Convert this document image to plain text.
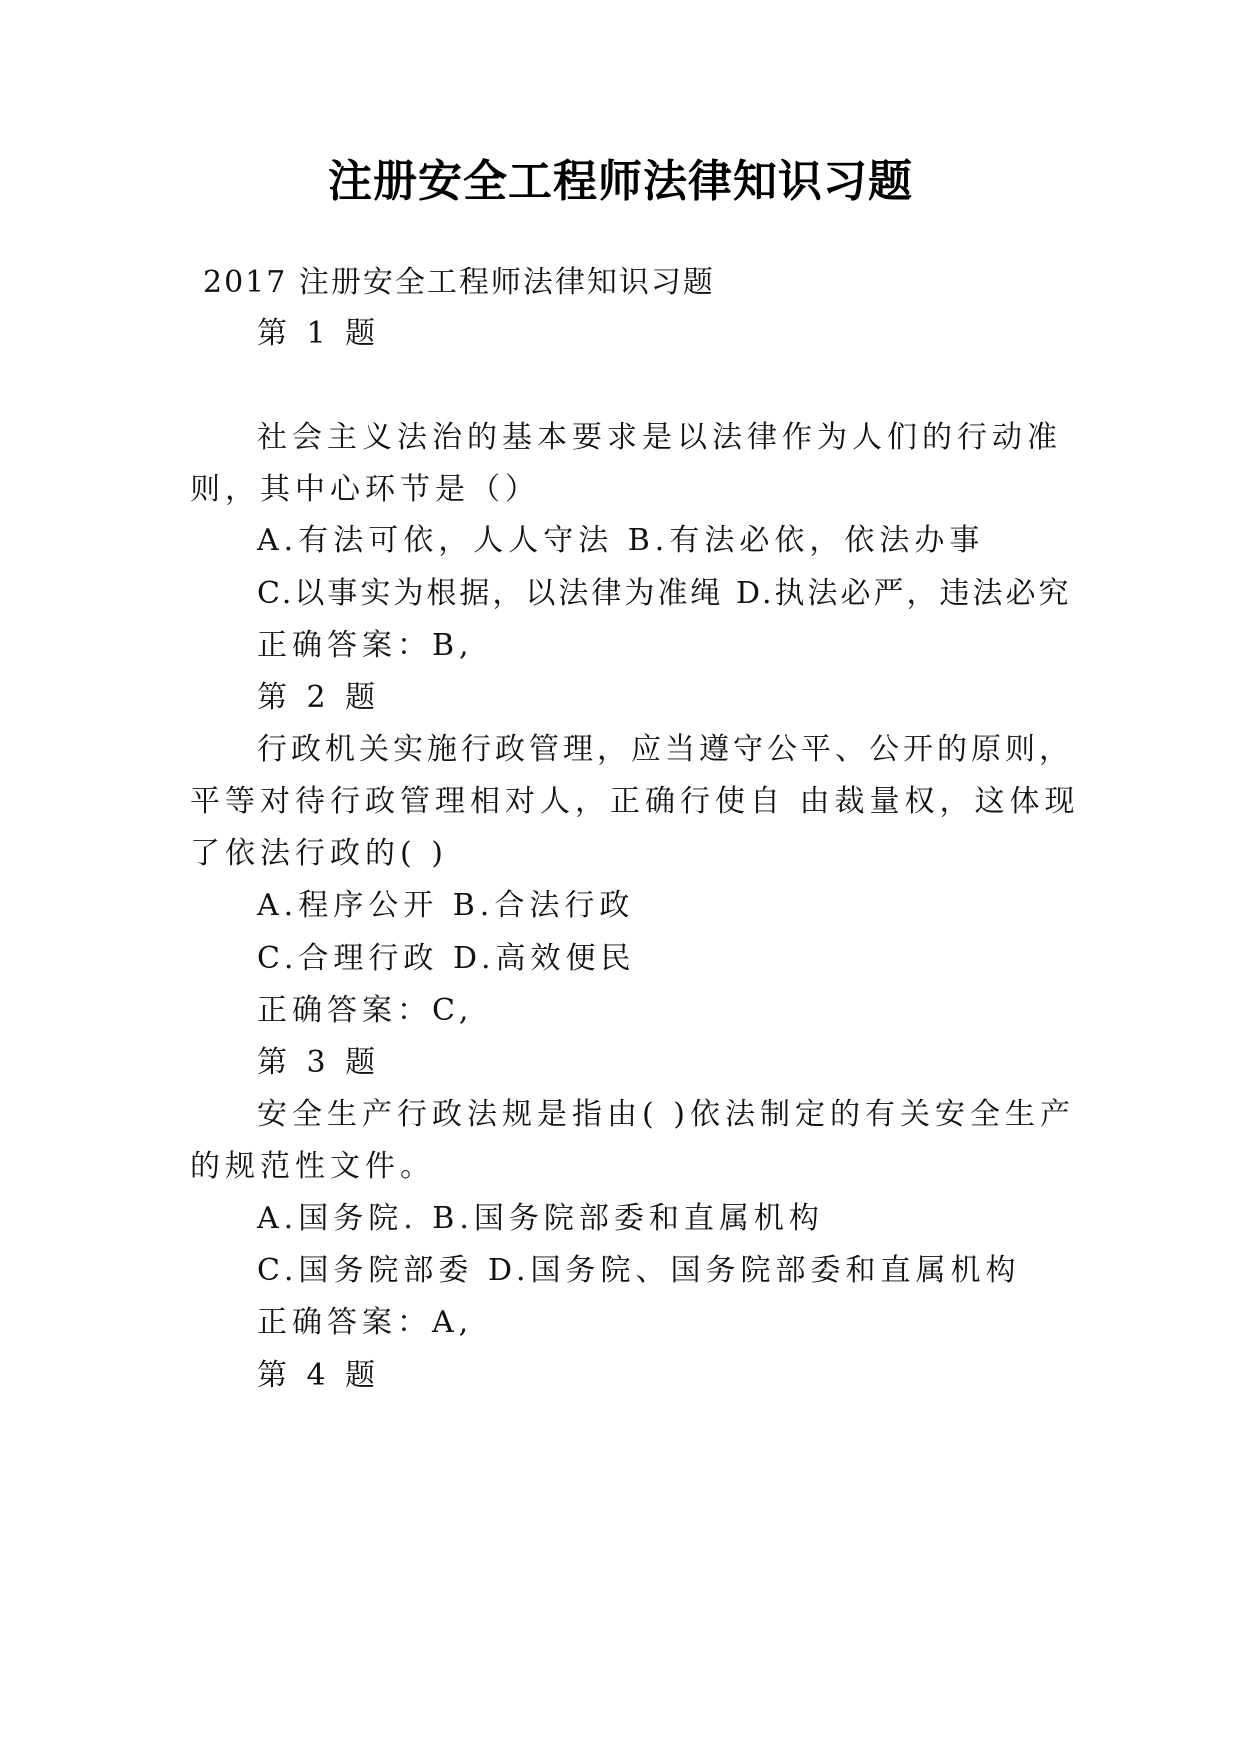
注册安全工程师法律知识习题
2017 注册安全工程师法律知识习题
第 1 题
社会主义法治的基本要求是以法律作为人们的行动准
则，其中心环节是（）
A.有法可依，人人守法 B.有法必依，依法办事
C.以事实为根据，以法律为准绳 D.执法必严，违法必究
正确答案：B,
第 2 题
行政机关实施行政管理，应当遵守公平、公开的原则，
平等对待行政管理相对人，正确行使自 由裁量权，这体现
了依法行政的( )
A.程序公开 B.合法行政
C.合理行政 D.高效便民
正确答案：C,
第 3 题
安全生产行政法规是指由( )依法制定的有关安全生产
的规范性文件。
A.国务院. B.国务院部委和直属机构
C.国务院部委 D.国务院、国务院部委和直属机构
正确答案：A,
第 4 题
